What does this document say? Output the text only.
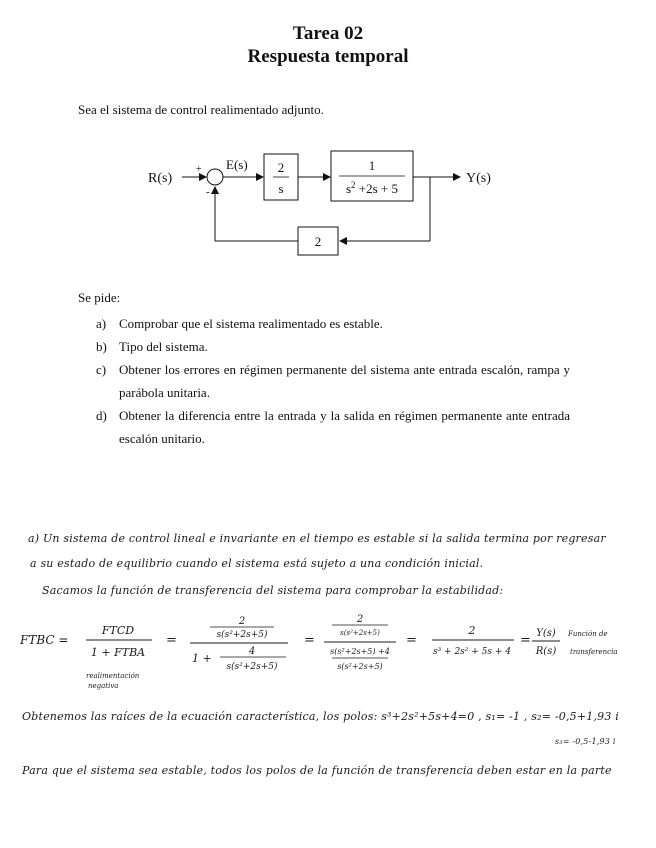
Tarea 02
Respuesta temporal
Sea el sistema de control realimentado adjunto.
R(s)
+
-
E(s) 2
s
1
$s^2 +2s + 5$
Y(s)
2
Se pide:
a) Comprobar que el sistema realimentado es estable.
b) Tipo del sistema.
c) Obtener los errores en régimen permanente del sistema ante entrada escalón, rampa y parábola unitaria.
d) Obtener la diferencia entre la entrada y la salida en régimen permanente ante entrada escalón unitario.
a) Un sistema de control lineal e invariante en el tiempo es estable si la salida termina por regresar
a su estado de equilibrio cuando el sistema está sujeto a una condición inicial.
Sacamos la función de transferencia del sistema para comprobar la estabilidad:
FTBC =
FTCD
1 + FTBA
realimentación
negativa
=
2
s(s²+2s+5)
1 +
4
s(s²+2s+5)
=
2
s(s²+2s+5)
s(s²+2s+5) +4
s(s²+2s+5)
=
2
s³ + 2s² + 5s + 4
= Y(s)
R(s)
Función de
transferencia
Obtenemos las raíces de la ecuación característica, los polos: s³+2s²+5s+4=0 , s₁= -1 , s₂= -0,5+1,93 i
s₃= -0,5-1,93 i
Para que el sistema sea estable, todos los polos de la función de transferencia deben estar en la parte
